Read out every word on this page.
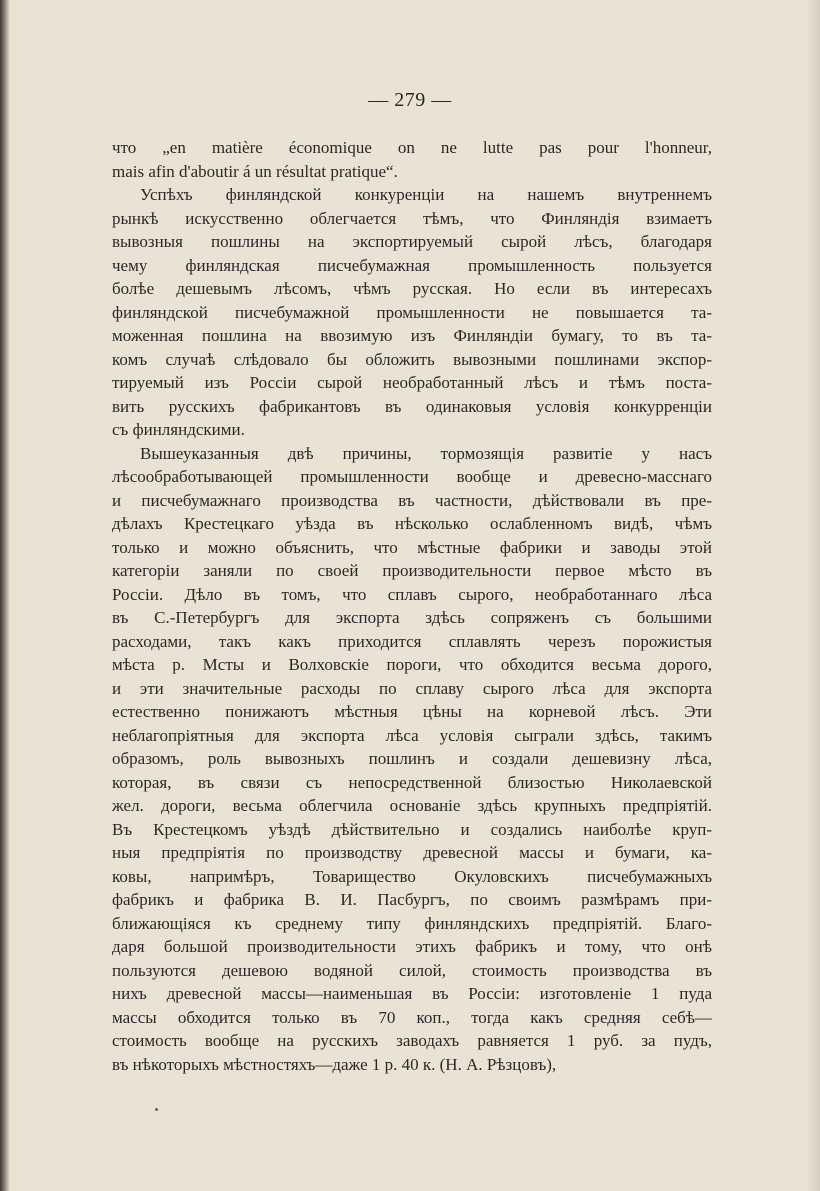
— 279 —
что „en matière économique on ne lutte pas pour l'honneur,
mais afin d'aboutir á un résultat pratique“.
Успѣхъ финляндской конкуренціи на нашемъ внутреннемъ
рынкѣ искусственно облегчается тѣмъ, что Финляндія взимаетъ
вывозныя пошлины на экспортируемый сырой лѣсъ, благодаря
чему финляндская писчебумажная промышленность пользуется
болѣе дешевымъ лѣсомъ, чѣмъ русская. Но если въ интересахъ
финляндской писчебумажной промышленности не повышается та-
моженная пошлина на ввозимую изъ Финляндіи бумагу, то въ та-
комъ случаѣ слѣдовало бы обложить вывозными пошлинами экспор-
тируемый изъ Россіи сырой необработанный лѣсъ и тѣмъ поста-
вить русскихъ фабрикантовъ въ одинаковыя условія конкурренціи
съ финляндскими.
Вышеуказанныя двѣ причины, тормозящія развитіе у насъ
лѣсообработывающей промышленности вообще и древесно-масснаго
и писчебумажнаго производства въ частности, дѣйствовали въ пре-
дѣлахъ Крестецкаго уѣзда въ нѣсколько ослабленномъ видѣ, чѣмъ
только и можно объяснить, что мѣстные фабрики и заводы этой
категоріи заняли по своей производительности первое мѣсто въ
Россіи. Дѣло въ томъ, что сплавъ сырого, необработаннаго лѣса
въ С.-Петербургъ для экспорта здѣсь сопряженъ съ большими
расходами, такъ какъ приходится сплавлять черезъ порожистыя
мѣста р. Мсты и Волховскіе пороги, что обходится весьма дорого,
и эти значительные расходы по сплаву сырого лѣса для экспорта
естественно понижаютъ мѣстныя цѣны на корневой лѣсъ. Эти
неблагопріятныя для экспорта лѣса условія сыграли здѣсь, такимъ
образомъ, роль вывозныхъ пошлинъ и создали дешевизну лѣса,
которая, въ связи съ непосредственной близостью Николаевской
жел. дороги, весьма облегчила основаніе здѣсь крупныхъ предпріятій.
Въ Крестецкомъ уѣздѣ дѣйствительно и создались наиболѣе круп-
ныя предпріятія по производству древесной массы и бумаги, ка-
ковы, напримѣръ, Товарищество Окуловскихъ писчебумажныхъ
фабрикъ и фабрика В. И. Пасбургъ, по своимъ размѣрамъ при-
ближающіяся къ среднему типу финляндскихъ предпріятій. Благо-
даря большой производительности этихъ фабрикъ и тому, что онѣ
пользуются дешевою водяной силой, стоимость производства въ
нихъ древесной массы—наименьшая въ Россіи: изготовленіе 1 пуда
массы обходится только въ 70 коп., тогда какъ средняя себѣ—
стоимость вообще на русскихъ заводахъ равняется 1 руб. за пудъ,
въ нѣкоторыхъ мѣстностяхъ—даже 1 р. 40 к. (Н. А. Рѣзцовъ),
